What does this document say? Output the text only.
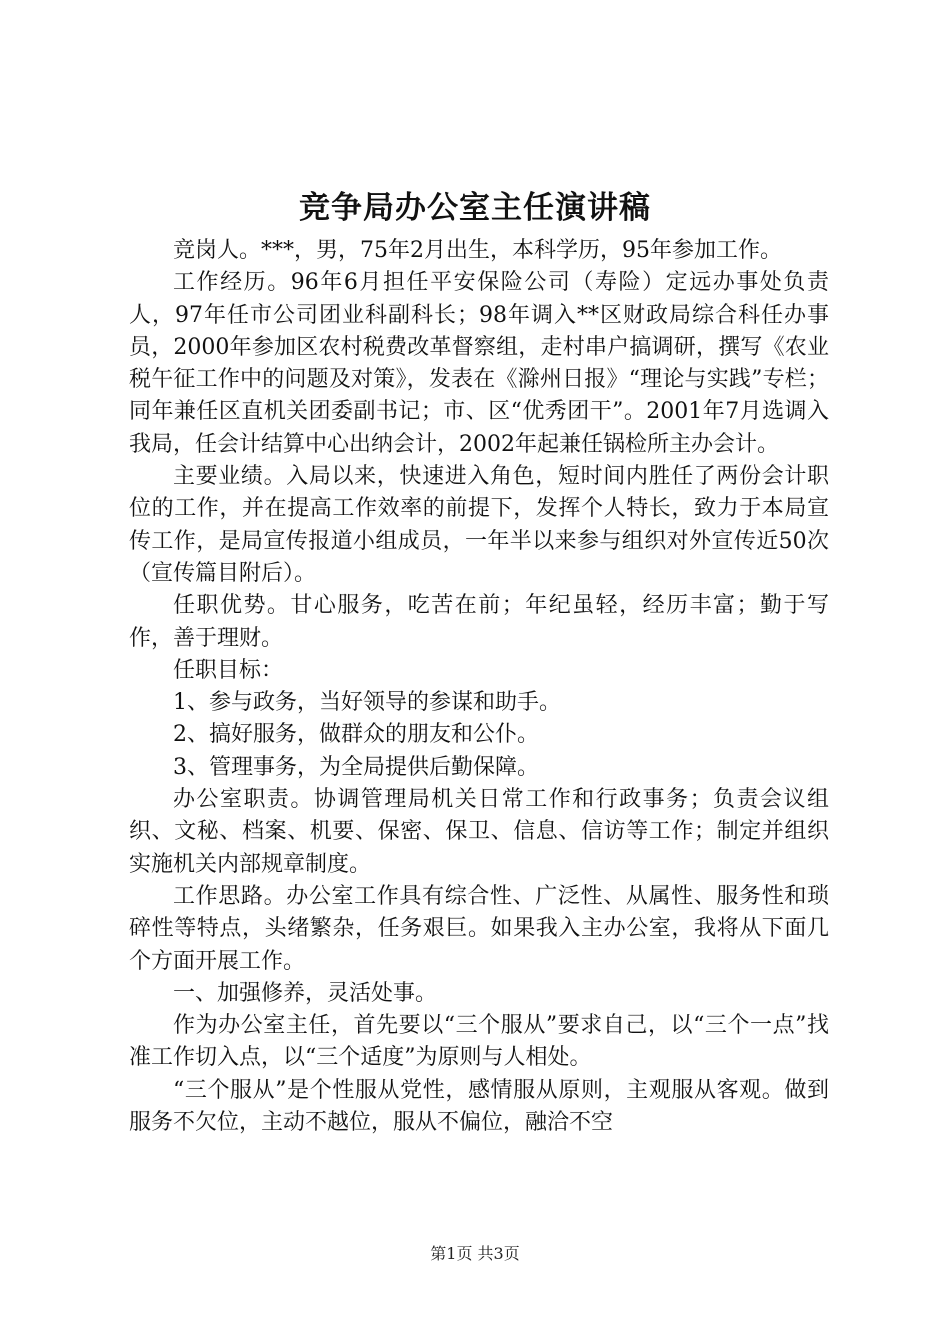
竞争局办公室主任演讲稿

竞岗人。***，男，75年2月出生，本科学历，95年参加工作。

工作经历。96年6月担任平安保险公司（寿险）定远办事处负责人，97年任市公司团业科副科长；98年调入**区财政局综合科任办事员，2000年参加区农村税费改革督察组，走村串户搞调研，撰写《农业税午征工作中的问题及对策》，发表在《滁州日报》“理论与实践”专栏；同年兼任区直机关团委副书记；市、区“优秀团干”。2001年7月选调入我局，任会计结算中心出纳会计，2002年起兼任锅检所主办会计。

主要业绩。入局以来，快速进入角色，短时间内胜任了两份会计职位的工作，并在提高工作效率的前提下，发挥个人特长，致力于本局宣传工作，是局宣传报道小组成员，一年半以来参与组织对外宣传近50次（宣传篇目附后）。

任职优势。甘心服务，吃苦在前；年纪虽轻，经历丰富；勤于写作，善于理财。

任职目标：

1、参与政务，当好领导的参谋和助手。

2、搞好服务，做群众的朋友和公仆。

3、管理事务，为全局提供后勤保障。

办公室职责。协调管理局机关日常工作和行政事务；负责会议组织、文秘、档案、机要、保密、保卫、信息、信访等工作；制定并组织实施机关内部规章制度。

工作思路。办公室工作具有综合性、广泛性、从属性、服务性和琐碎性等特点，头绪繁杂，任务艰巨。如果我入主办公室，我将从下面几个方面开展工作。

一、加强修养，灵活处事。

作为办公室主任，首先要以“三个服从”要求自己，以“三个一点”找准工作切入点，以“三个适度”为原则与人相处。

“三个服从”是个性服从党性，感情服从原则，主观服从客观。做到服务不欠位，主动不越位，服从不偏位，融洽不空

第1页 共3页
